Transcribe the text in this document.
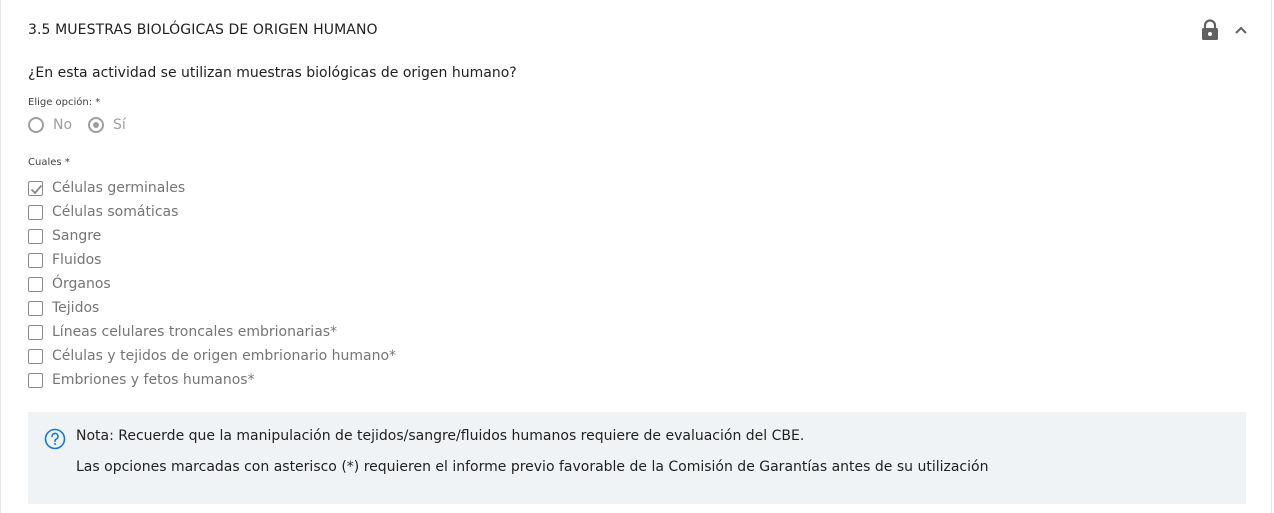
3.5 MUESTRAS BIOLÓGICAS DE ORIGEN HUMANO
¿En esta actividad se utilizan muestras biológicas de origen humano?
Elige opción: *
No	Sí
Cuales *
Células germinales
Células somáticas
Sangre
Fluidos
Órganos
Tejidos
Líneas celulares troncales embrionarias*
Células y tejidos de origen embrionario humano*
Embriones y fetos humanos*
Nota: Recuerde que la manipulación de tejidos/sangre/fluidos humanos requiere de evaluación del CBE.
Las opciones marcadas con asterisco (*) requieren el informe previo favorable de la Comisión de Garantías antes de su utilización
